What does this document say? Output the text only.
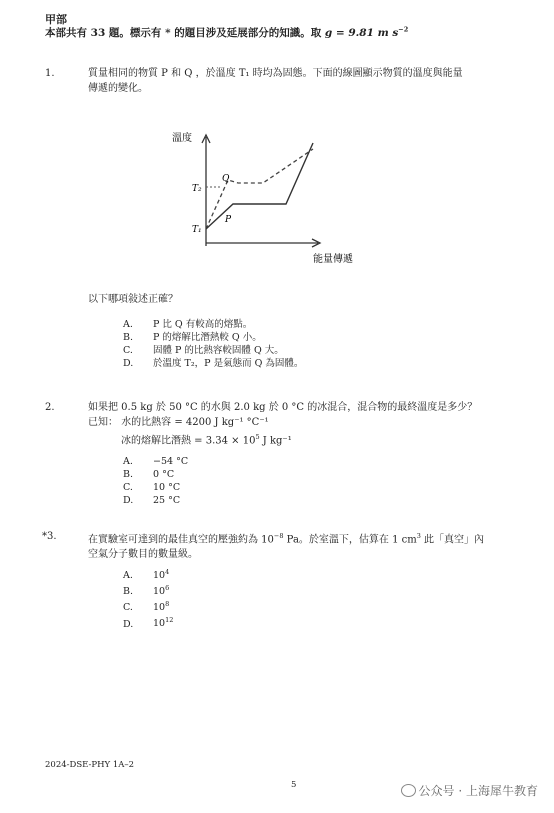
甲部
本部共有 33 題。標示有 * 的題目涉及延展部分的知識。取 g = 9.81 m $s^{-2}$
1.	質量相同的物質 P 和 Q ，於溫度 T₁ 時均為固態。下面的線圖顯示物質的溫度與能量
傳遞的變化。
溫度
T₂
T₁
Q
P
能量傳遞
以下哪項敍述正確？
A. P 比 Q 有較高的熔點。
B. P 的熔解比潛熱較 Q 小。
C. 固體 P 的比熱容較固體 Q 大。
D. 於溫度 T₂，P 是氣態而 Q 為固體。
2.	如果把 0.5 kg 於 50 °C 的水與 2.0 kg 於 0 °C 的冰混合，混合物的最終溫度是多少？
已知： 水的比熱容 = 4200 J kg⁻¹ °C⁻¹
冰的熔解比潛熱 = $3.34 \times 10^5$ J kg⁻¹
A. −54 °C
B. 0 °C
C. 10 °C
D. 25 °C
*3.	在實驗室可達到的最佳真空的壓強約為 $10^{-8}$ Pa。於室溫下，估算在 1 $cm^3$ 此「真空」內
空氣分子數目的數量級。
A. $10^4$
B. $10^6$
C. $10^8$
D. $10^{12}$
2024-DSE-PHY 1A–2
5	公众号 · 上海犀牛教育
